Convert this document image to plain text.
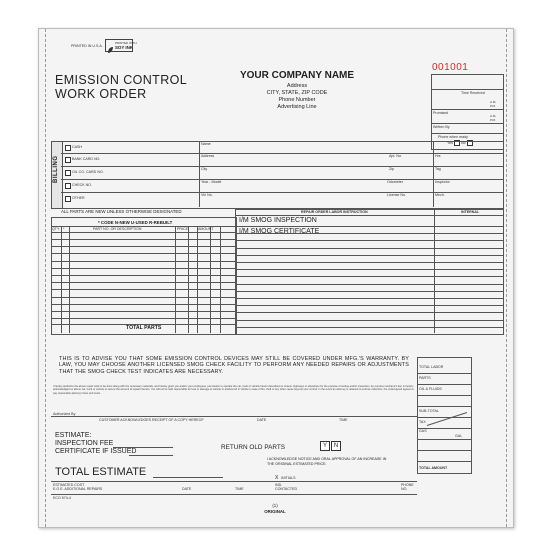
PRINTED IN U.S.A.
PRINTED WITH
SOY INK
EMISSION CONTROL
WORK ORDER
YOUR COMPANY NAME
Address
CITY, STATE, ZIP CODE
Phone Number
Advertising Line
001001
Time Received
A.M.
P.M.
Promised
A.M.
P.M.
Written By
Phone when ready
Yes No
BILLING
CASH
BANK CARD NO.
OIL CO. CARD NO.
CHECK NO.
OTHER
Name
Address	Apt. No.
City	Zip
Year - Model	Odometer
Vin No.	License No.
Hrs
Tag
Inspector
Mech.
ALL PARTS ARE NEW UNLESS OTHERWISE DESIGNATED
* CODE N-NEW U-USED R-REBUILT
QTY. *	PART NO. OR DESCRIPTION	PRICE	AMOUNT
TOTAL PARTS
REPAIR ORDER LABOR INSTRUCTION	INTERNAL
I/M SMOG INSPECTION
I/M SMOG CERTIFICATE
THIS IS TO ADVISE YOU THAT SOME EMISSION CONTROL DEVICES MAY STILL BE COVERED UNDER MFG.'S WARRANTY. BY LAW, YOU MAY CHOOSE ANOTHER LICENSED SMOG CHECK FACILITY TO PERFORM ANY NEEDED REPAIRS OR ADJUSTMENTS THAT THE SMOG CHECK TEST INDICATES ARE NECESSARY.
I hereby authorize the above repair work to be done along with the necessary materials, and hereby grant you and/or your employees, permission to operate the car, truck or vehicle herein described on streets, highways or elsewhere for the purpose of testing and/or inspection. An express mechanic's lien is hereby acknowledged on above car, truck or vehicle to secure the amount of repairs thereto. You will not be held responsible for loss or damage to vehicle or articles left in vehicle in case of fire, theft or any other cause beyond your control. In the event an attorney is retained to enforce collection, the undersigned agrees to pay reasonable attorney's fees and costs.
Authorized By
CUSTOMER ACKNOWLEDGES RECEIPT OF A COPY HEREOF	DATE	TIME
ESTIMATE:
INSPECTION FEE
CERTIFICATE IF ISSUED
TOTAL ESTIMATE
ESTIMATED COST
E.O.E. ADDITIONAL REPAIRS	DATE	TIME
IND.
CONTACTED
PHONE
NO.
RETURN OLD PARTS	Y	N
I ACKNOWLEDGE NOTICE AND ORAL APPROVAL OF AN INCREASE IN THE ORIGINAL ESTIMATED PRICE.
X INITIALS
TOTAL LABOR
PARTS
OIL & FLUIDS
SUB-TOTAL
TAX
GAS
GAL
TOTAL AMOUNT
ECO 574-4
(1)
ORIGINAL
